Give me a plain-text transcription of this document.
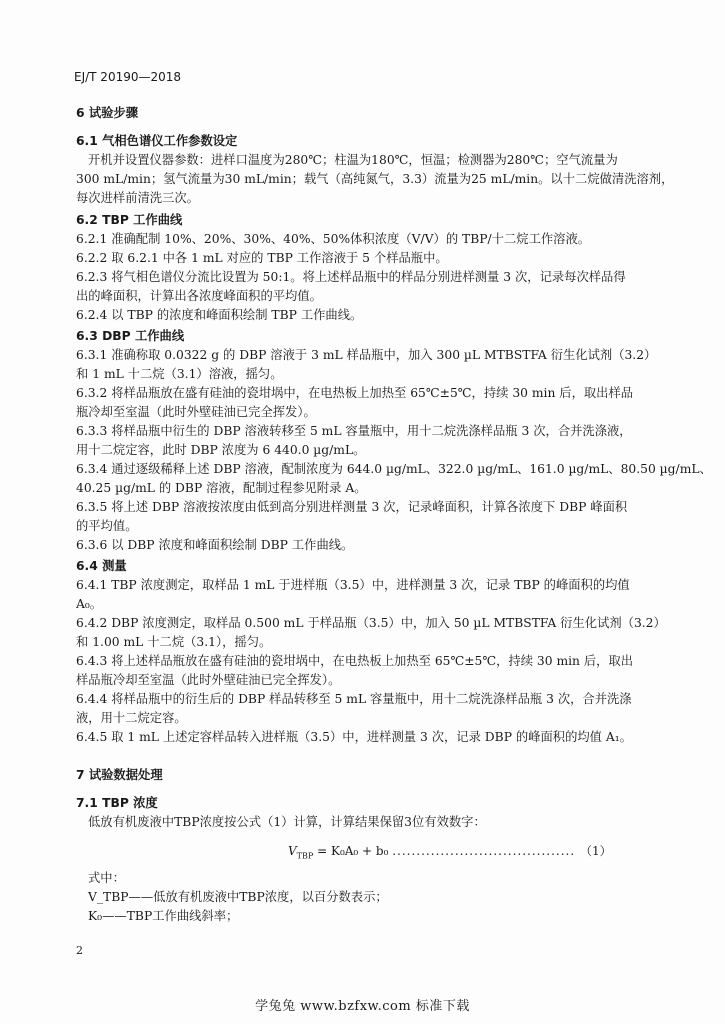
EJ/T 20190—2018
6 试验步骤
6.1 气相色谱仪工作参数设定
开机并设置仪器参数：进样口温度为280℃；柱温为180℃，恒温；检测器为280℃；空气流量为
300 mL/min；氢气流量为30 mL/min；载气（高纯氮气，3.3）流量为25 mL/min。以十二烷做清洗溶剂，
每次进样前清洗三次。
6.2 TBP 工作曲线
6.2.1 准确配制 10%、20%、30%、40%、50%体积浓度（V/V）的 TBP/十二烷工作溶液。
6.2.2 取 6.2.1 中各 1 mL 对应的 TBP 工作溶液于 5 个样品瓶中。
6.2.3 将气相色谱仪分流比设置为 50:1。将上述样品瓶中的样品分别进样测量 3 次，记录每次样品得
出的峰面积，计算出各浓度峰面积的平均值。
6.2.4 以 TBP 的浓度和峰面积绘制 TBP 工作曲线。
6.3 DBP 工作曲线
6.3.1 准确称取 0.0322 g 的 DBP 溶液于 3 mL 样品瓶中，加入 300 µL MTBSTFA 衍生化试剂（3.2）
和 1 mL 十二烷（3.1）溶液，摇匀。
6.3.2 将样品瓶放在盛有硅油的瓷坩埚中，在电热板上加热至 65℃±5℃，持续 30 min 后，取出样品
瓶冷却至室温（此时外壁硅油已完全挥发）。
6.3.3 将样品瓶中衍生的 DBP 溶液转移至 5 mL 容量瓶中，用十二烷洗涤样品瓶 3 次，合并洗涤液，
用十二烷定容，此时 DBP 浓度为 6 440.0 µg/mL。
6.3.4 通过逐级稀释上述 DBP 溶液，配制浓度为 644.0 µg/mL、322.0 µg/mL、161.0 µg/mL、80.50 µg/mL、
40.25 µg/mL 的 DBP 溶液，配制过程参见附录 A。
6.3.5 将上述 DBP 溶液按浓度由低到高分别进样测量 3 次，记录峰面积，计算各浓度下 DBP 峰面积
的平均值。
6.3.6 以 DBP 浓度和峰面积绘制 DBP 工作曲线。
6.4 测量
6.4.1 TBP 浓度测定，取样品 1 mL 于进样瓶（3.5）中，进样测量 3 次，记录 TBP 的峰面积的均值
A₀。
6.4.2 DBP 浓度测定，取样品 0.500 mL 于样品瓶（3.5）中，加入 50 µL MTBSTFA 衍生化试剂（3.2）
和 1.00 mL 十二烷（3.1），摇匀。
6.4.3 将上述样品瓶放在盛有硅油的瓷坩埚中，在电热板上加热至 65℃±5℃，持续 30 min 后，取出
样品瓶冷却至室温（此时外壁硅油已完全挥发）。
6.4.4 将样品瓶中的衍生后的 DBP 样品转移至 5 mL 容量瓶中，用十二烷洗涤样品瓶 3 次，合并洗涤
液，用十二烷定容。
6.4.5 取 1 mL 上述定容样品转入进样瓶（3.5）中，进样测量 3 次，记录 DBP 的峰面积的均值 A₁。
7 试验数据处理
7.1 TBP 浓度
低放有机废液中TBP浓度按公式（1）计算，计算结果保留3位有效数字：
式中：
V_TBP——低放有机废液中TBP浓度，以百分数表示；
K₀——TBP工作曲线斜率；
$V_{TBP} = K_0A_0 + b_0$ ...................................... （1）
2
学兔兔 www.bzfxw.com 标准下载
